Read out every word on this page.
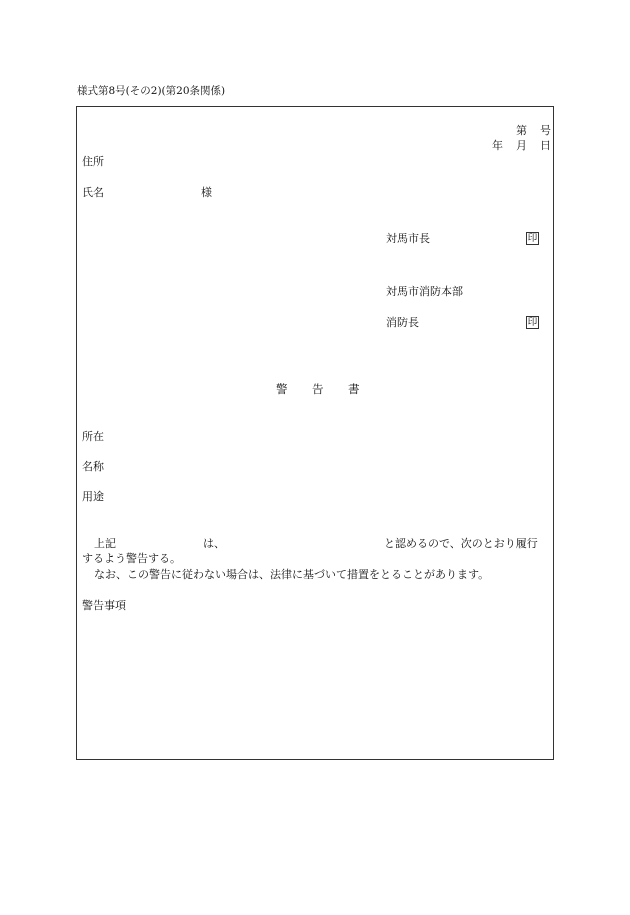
様式第8号(その2)(第20条関係)
第 号
年 月 日
住所
氏名	様
対馬市長	印
対馬市消防本部
消防長	印
警 告 書
所在
名称
用途
上記	は、	と認めるので、次のとおり履行
するよう警告する。
なお、この警告に従わない場合は、法律に基づいて措置をとることがあります。
警告事項
